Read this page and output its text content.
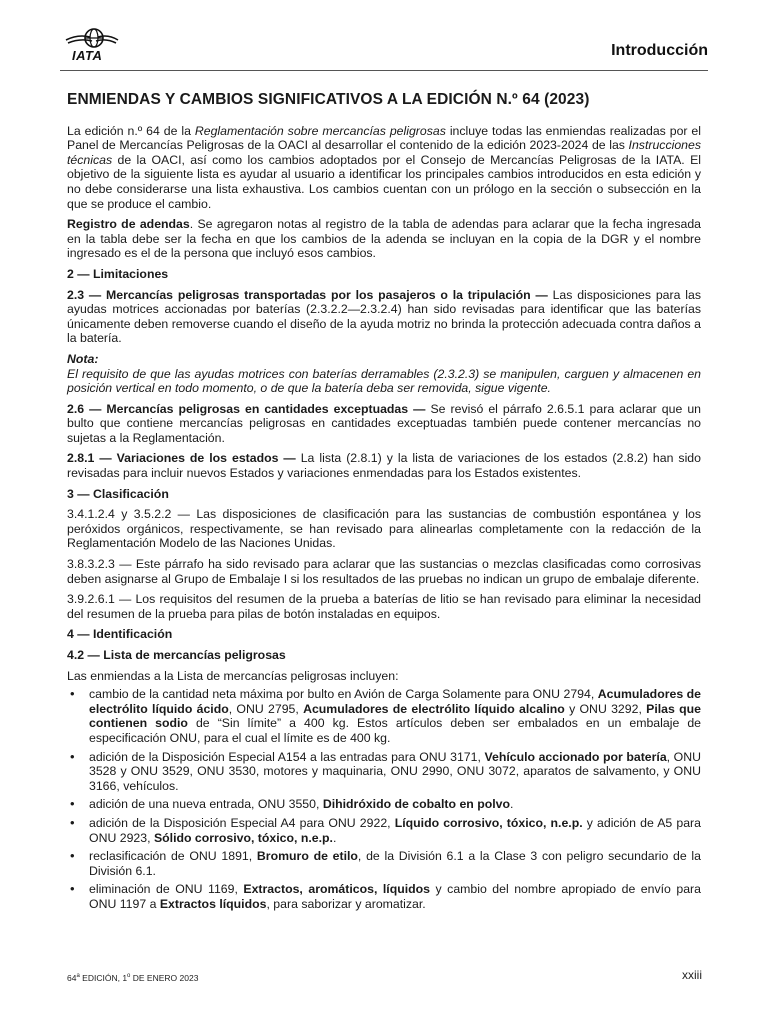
IATA	Introducción

ENMIENDAS Y CAMBIOS SIGNIFICATIVOS A LA EDICIÓN N.º 64 (2023)

La edición n.º 64 de la Reglamentación sobre mercancías peligrosas incluye todas las enmiendas realizadas por el Panel de Mercancías Peligrosas de la OACI al desarrollar el contenido de la edición 2023-2024 de las Instrucciones técnicas de la OACI, así como los cambios adoptados por el Consejo de Mercancías Peligrosas de la IATA. El objetivo de la siguiente lista es ayudar al usuario a identificar los principales cambios introducidos en esta edición y no debe considerarse una lista exhaustiva. Los cambios cuentan con un prólogo en la sección o subsección en la que se produce el cambio.

Registro de adendas. Se agregaron notas al registro de la tabla de adendas para aclarar que la fecha ingresada en la tabla debe ser la fecha en que los cambios de la adenda se incluyan en la copia de la DGR y el nombre ingresado es el de la persona que incluyó esos cambios.

2 — Limitaciones

2.3 — Mercancías peligrosas transportadas por los pasajeros o la tripulación — Las disposiciones para las ayudas motrices accionadas por baterías (2.3.2.2—2.3.2.4) han sido revisadas para identificar que las baterías únicamente deben removerse cuando el diseño de la ayuda motriz no brinda la protección adecuada contra daños a la batería.

Nota:

El requisito de que las ayudas motrices con baterías derramables (2.3.2.3) se manipulen, carguen y almacenen en posición vertical en todo momento, o de que la batería deba ser removida, sigue vigente.

2.6 — Mercancías peligrosas en cantidades exceptuadas — Se revisó el párrafo 2.6.5.1 para aclarar que un bulto que contiene mercancías peligrosas en cantidades exceptuadas también puede contener mercancías no sujetas a la Reglamentación.

2.8.1 — Variaciones de los estados — La lista (2.8.1) y la lista de variaciones de los estados (2.8.2) han sido revisadas para incluir nuevos Estados y variaciones enmendadas para los Estados existentes.

3 — Clasificación

3.4.1.2.4 y 3.5.2.2 — Las disposiciones de clasificación para las sustancias de combustión espontánea y los peróxidos orgánicos, respectivamente, se han revisado para alinearlas completamente con la redacción de la Reglamentación Modelo de las Naciones Unidas.

3.8.3.2.3 — Este párrafo ha sido revisado para aclarar que las sustancias o mezclas clasificadas como corrosivas deben asignarse al Grupo de Embalaje I si los resultados de las pruebas no indican un grupo de embalaje diferente.

3.9.2.6.1 — Los requisitos del resumen de la prueba a baterías de litio se han revisado para eliminar la necesidad del resumen de la prueba para pilas de botón instaladas en equipos.

4 — Identificación

4.2 — Lista de mercancías peligrosas

Las enmiendas a la Lista de mercancías peligrosas incluyen:

• cambio de la cantidad neta máxima por bulto en Avión de Carga Solamente para ONU 2794, Acumuladores de electrólito líquido ácido, ONU 2795, Acumuladores de electrólito líquido alcalino y ONU 3292, Pilas que contienen sodio de “Sin límite” a 400 kg. Estos artículos deben ser embalados en un embalaje de especificación ONU, para el cual el límite es de 400 kg.
• adición de la Disposición Especial A154 a las entradas para ONU 3171, Vehículo accionado por batería, ONU 3528 y ONU 3529, ONU 3530, motores y maquinaria, ONU 2990, ONU 3072, aparatos de salvamento, y ONU 3166, vehículos.
• adición de una nueva entrada, ONU 3550, Dihidróxido de cobalto en polvo.
• adición de la Disposición Especial A4 para ONU 2922, Líquido corrosivo, tóxico, n.e.p. y adición de A5 para ONU 2923, Sólido corrosivo, tóxico, n.e.p..
• reclasificación de ONU 1891, Bromuro de etilo, de la División 6.1 a la Clase 3 con peligro secundario de la División 6.1.
• eliminación de ONU 1169, Extractos, aromáticos, líquidos y cambio del nombre apropiado de envío para ONU 1197 a Extractos líquidos, para saborizar y aromatizar.
64$^a$ EDICIÓN, 1$^o$ DE ENERO 2023	xxiii
